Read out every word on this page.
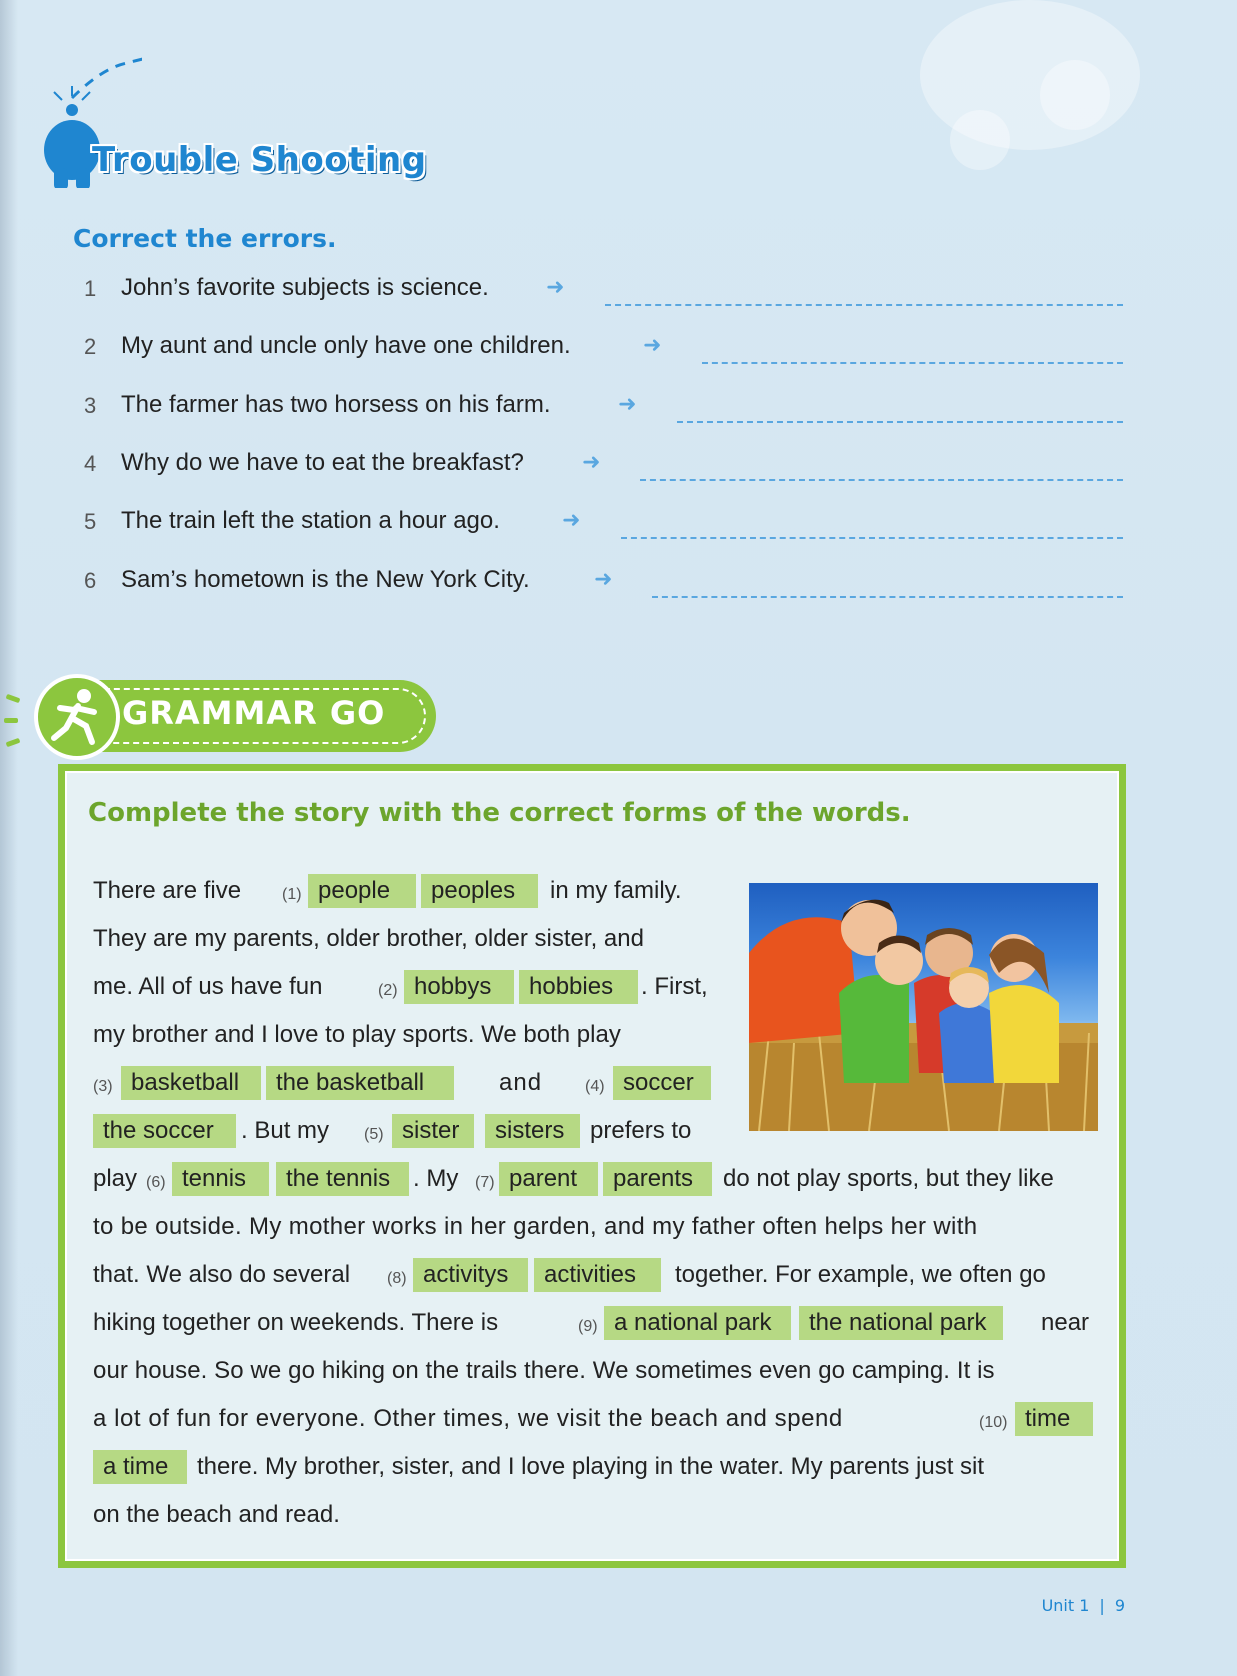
Trouble Shooting
Correct the errors.
1 John’s favorite subjects is science.	➜
2 My aunt and uncle only have one children.	➜
3 The farmer has two horsess on his farm.	➜
4 Why do we have to eat the breakfast?	➜
5 The train left the station a hour ago.	➜
6 Sam’s hometown is the New York City.	➜
GRAMMAR GO
Complete the story with the correct forms of the words.
There are five	(1) people	peoples	in my family.
They are my parents, older brother, older sister, and
me. All of us have fun	(2) hobbys	hobbies	. First,
my brother and I love to play sports. We both play
(3) basketball	the basketball	and	(4) soccer
the soccer	. But my (5) sister	sisters	prefers to
play (6) tennis	the tennis . My (7) parent	parents	do not play sports, but they like
to be outside. My mother works in her garden, and my father often helps her with
that. We also do several (8) activitys	activities	together. For example, we often go
hiking together on weekends. There is	(9) a national park	the national park	near
our house. So we go hiking on the trails there. We sometimes even go camping. It is
a lot of fun for everyone. Other times, we visit the beach and spend	(10) time
a time	there. My brother, sister, and I love playing in the water. My parents just sit
on the beach and read.
Unit 1 | 9
